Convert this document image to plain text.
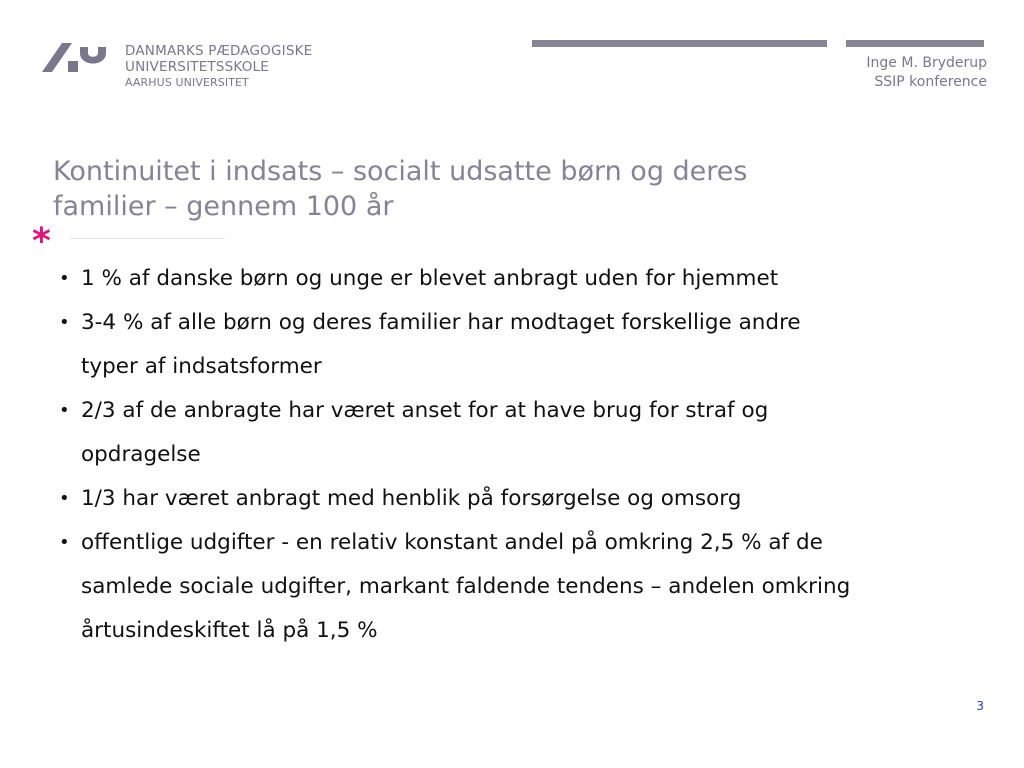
DANMARKS PÆDAGOGISKE
UNIVERSITETSSKOLE
AARHUS UNIVERSITET
Inge M. Bryderup
SSIP konference
Kontinuitet i indsats – socialt udsatte børn og deres
familier – gennem 100 år
*
• 1 % af danske børn og unge er blevet anbragt uden for hjemmet
• 3-4 % af alle børn og deres familier har modtaget forskellige andre
typer af indsatsformer
• 2/3 af de anbragte har været anset for at have brug for straf og
opdragelse
• 1/3 har været anbragt med henblik på forsørgelse og omsorg
• offentlige udgifter - en relativ konstant andel på omkring 2,5 % af de
samlede sociale udgifter, markant faldende tendens – andelen omkring
årtusindeskiftet lå på 1,5 %
3
